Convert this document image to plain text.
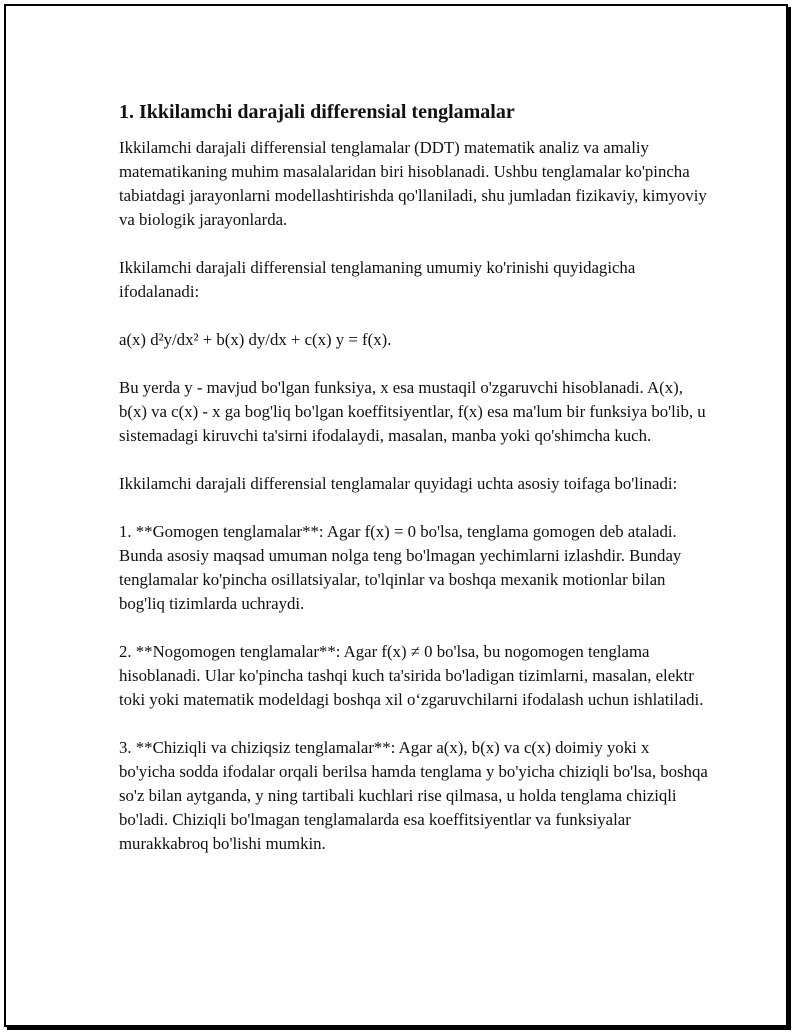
1. Ikkilamchi darajali differensial tenglamalar

Ikkilamchi darajali differensial tenglamalar (DDT) matematik analiz va amaliy matematikaning muhim masalalaridan biri hisoblanadi. Ushbu tenglamalar ko'pincha tabiatdagi jarayonlarni modellashtirishda qo'llaniladi, shu jumladan fizikaviy, kimyoviy va biologik jarayonlarda.

Ikkilamchi darajali differensial tenglamaning umumiy ko'rinishi quyidagicha ifodalanadi:

a(x) d²y/dx² + b(x) dy/dx + c(x) y = f(x).

Bu yerda y - mavjud bo'lgan funksiya, x esa mustaqil o'zgaruvchi hisoblanadi. A(x), b(x) va c(x) - x ga bog'liq bo'lgan koeffitsiyentlar, f(x) esa ma'lum bir funksiya bo'lib, u sistemadagi kiruvchi ta'sirni ifodalaydi, masalan, manba yoki qo'shimcha kuch.

Ikkilamchi darajali differensial tenglamalar quyidagi uchta asosiy toifaga bo'linadi:

1. **Gomogen tenglamalar**: Agar f(x) = 0 bo'lsa, tenglama gomogen deb ataladi. Bunda asosiy maqsad umuman nolga teng bo'lmagan yechimlarni izlashdir. Bunday tenglamalar ko'pincha osillatsiyalar, to'lqinlar va boshqa mexanik motionlar bilan bog'liq tizimlarda uchraydi.

2. **Nogomogen tenglamalar**: Agar f(x) ≠ 0 bo'lsa, bu nogomogen tenglama hisoblanadi. Ular ko'pincha tashqi kuch ta'sirida bo'ladigan tizimlarni, masalan, elektr toki yoki matematik modeldagi boshqa xil o‘zgaruvchilarni ifodalash uchun ishlatiladi.

3. **Chiziqli va chiziqsiz tenglamalar**: Agar a(x), b(x) va c(x) doimiy yoki x bo'yicha sodda ifodalar orqali berilsa hamda tenglama y bo'yicha chiziqli bo'lsa, boshqa so'z bilan aytganda, y ning tartibali kuchlari rise qilmasa, u holda tenglama chiziqli bo'ladi. Chiziqli bo'lmagan tenglamalarda esa koeffitsiyentlar va funksiyalar murakkabroq bo'lishi mumkin.
